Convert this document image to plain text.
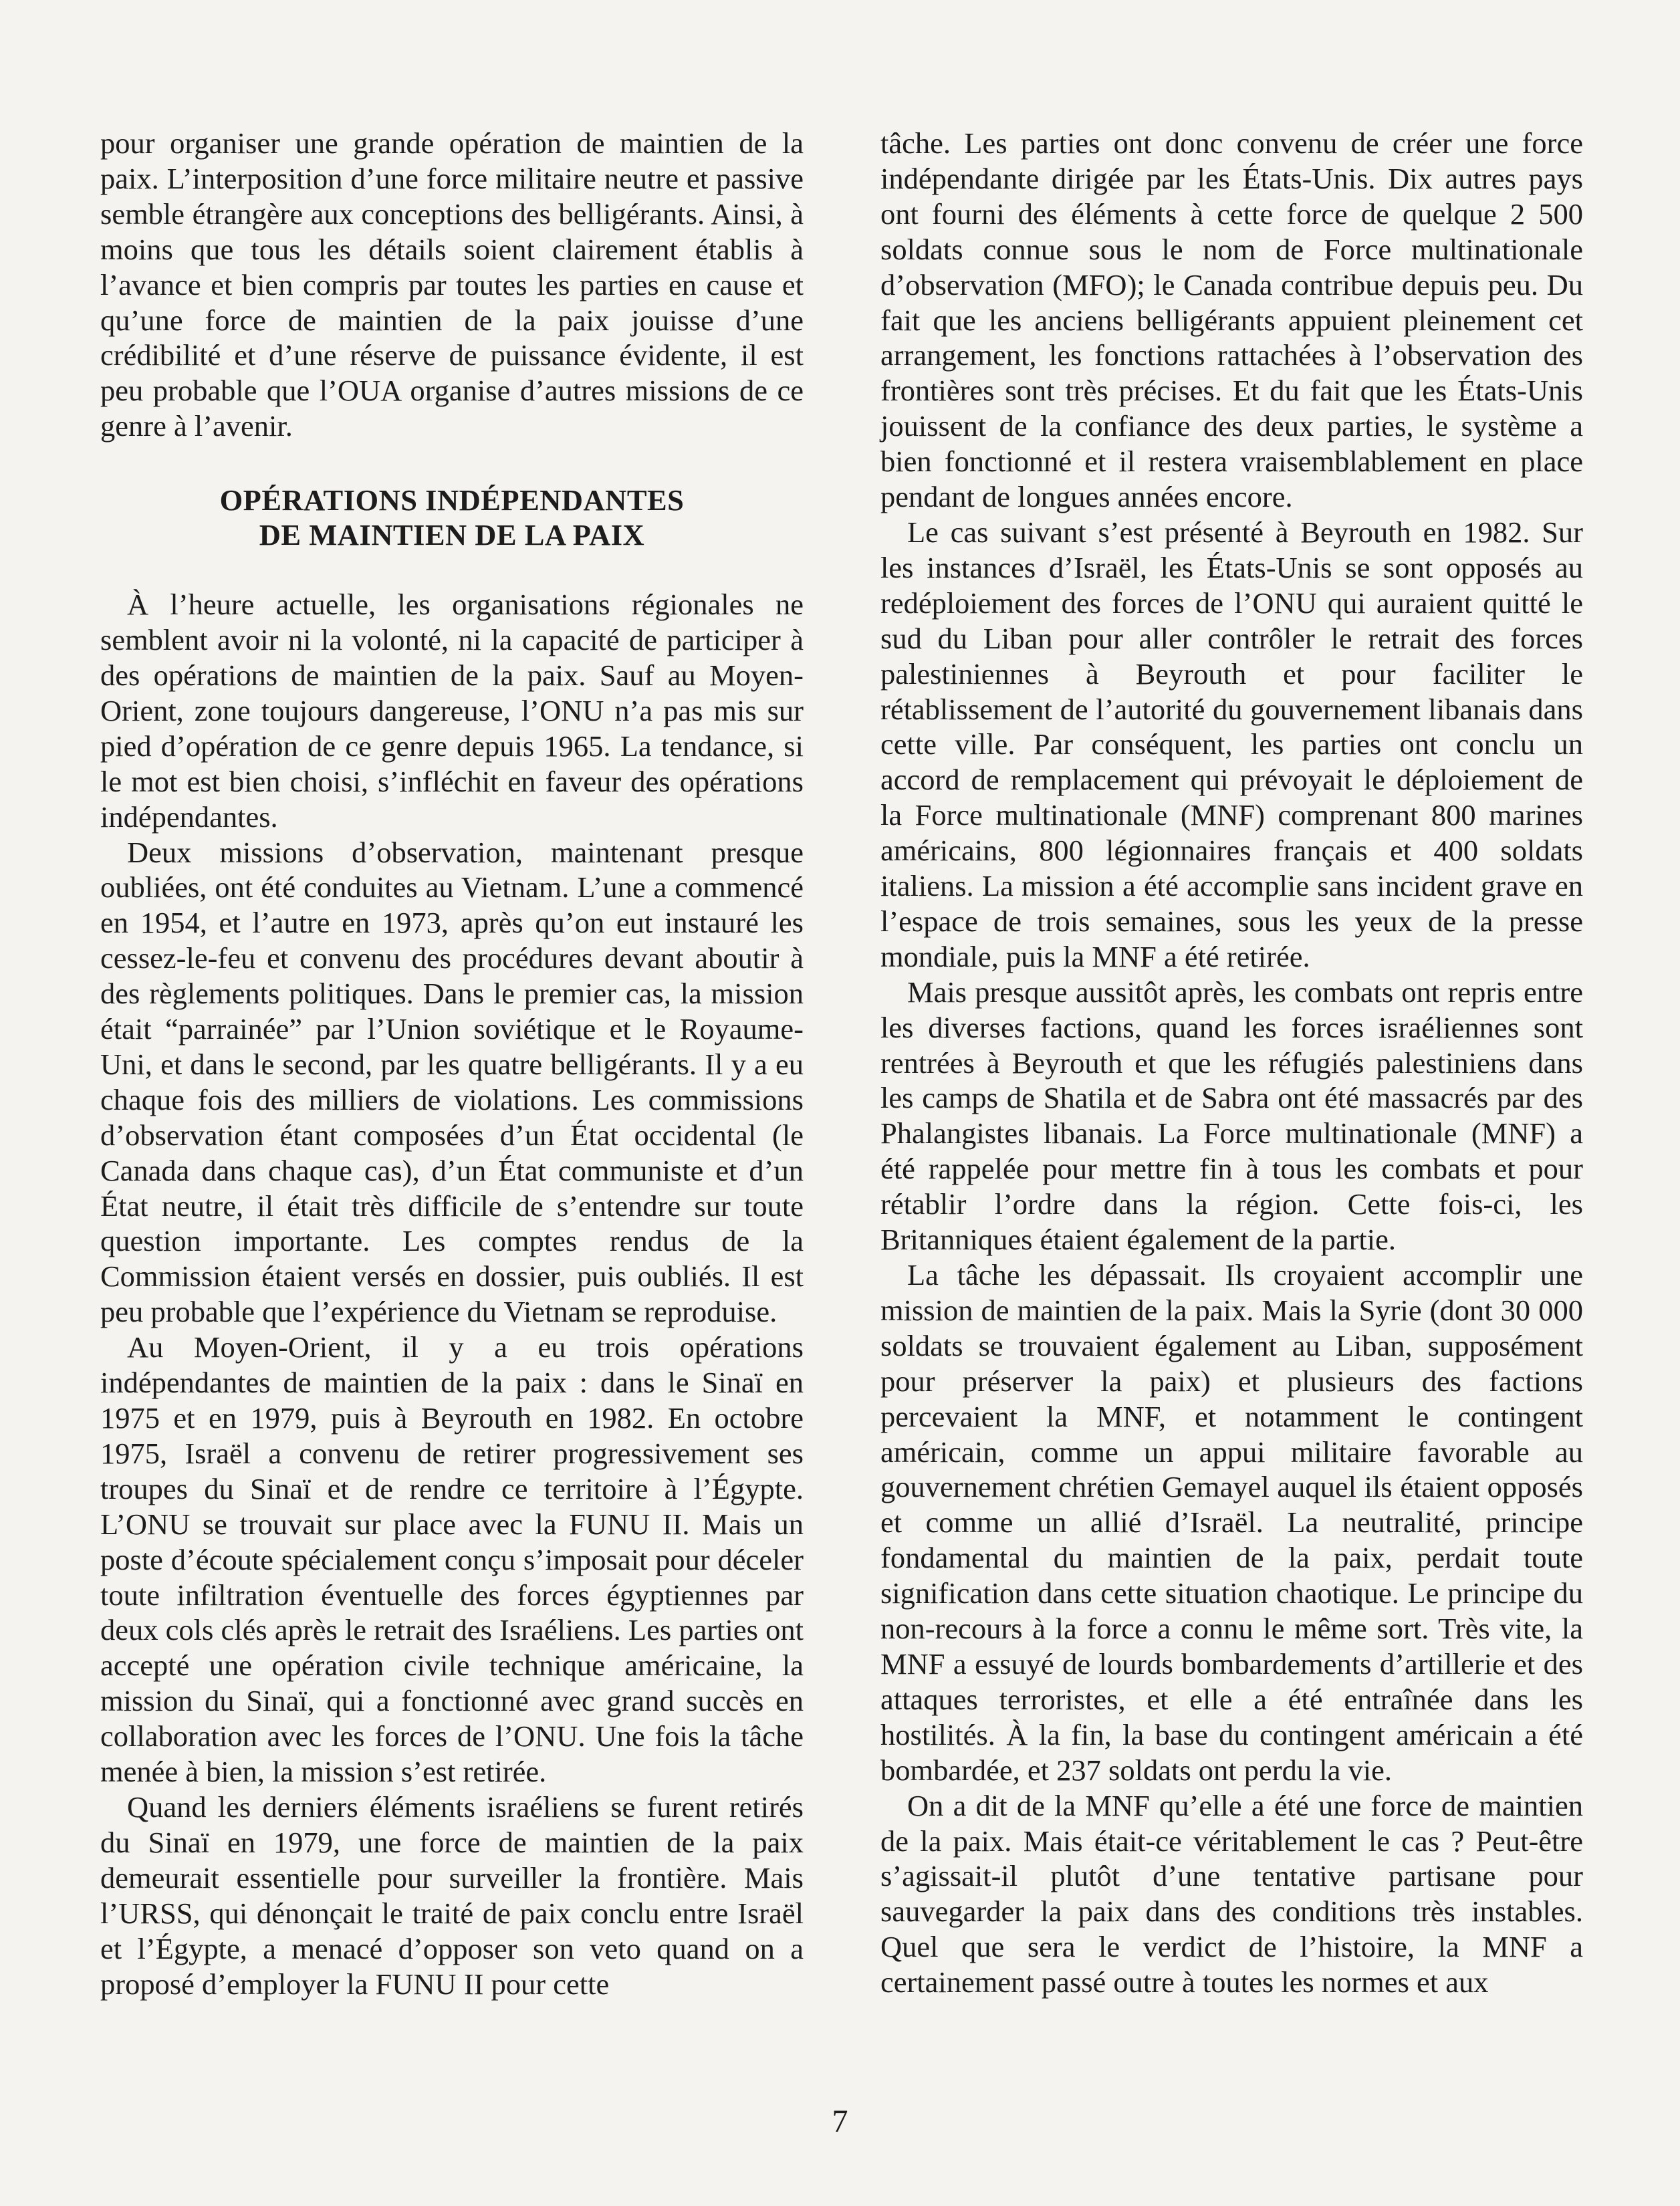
pour organiser une grande opération de maintien de la paix. L’interposition d’une force militaire neutre et passive semble étrangère aux conceptions des belligérants. Ainsi, à moins que tous les détails soient clairement établis à l’avance et bien compris par toutes les parties en cause et qu’une force de maintien de la paix jouisse d’une crédibilité et d’une réserve de puissance évidente, il est peu probable que l’OUA organise d’autres missions de ce genre à l’avenir.

OPÉRATIONS INDÉPENDANTES
DE MAINTIEN DE LA PAIX

À l’heure actuelle, les organisations régionales ne semblent avoir ni la volonté, ni la capacité de participer à des opérations de maintien de la paix. Sauf au Moyen-Orient, zone toujours dangereuse, l’ONU n’a pas mis sur pied d’opération de ce genre depuis 1965. La tendance, si le mot est bien choisi, s’infléchit en faveur des opérations indépendantes.

Deux missions d’observation, maintenant presque oubliées, ont été conduites au Vietnam. L’une a commencé en 1954, et l’autre en 1973, après qu’on eut instauré les cessez-le-feu et convenu des procédures devant aboutir à des règlements politiques. Dans le premier cas, la mission était “parrainée” par l’Union soviétique et le Royaume-Uni, et dans le second, par les quatre belligérants. Il y a eu chaque fois des milliers de violations. Les commissions d’observation étant composées d’un État occidental (le Canada dans chaque cas), d’un État communiste et d’un État neutre, il était très difficile de s’entendre sur toute question importante. Les comptes rendus de la Commission étaient versés en dossier, puis oubliés. Il est peu probable que l’expérience du Vietnam se reproduise.

Au Moyen-Orient, il y a eu trois opérations indépendantes de maintien de la paix : dans le Sinaï en 1975 et en 1979, puis à Beyrouth en 1982. En octobre 1975, Israël a convenu de retirer progressivement ses troupes du Sinaï et de rendre ce territoire à l’Égypte. L’ONU se trouvait sur place avec la FUNU II. Mais un poste d’écoute spécialement conçu s’imposait pour déceler toute infiltration éventuelle des forces égyptiennes par deux cols clés après le retrait des Israéliens. Les parties ont accepté une opération civile technique américaine, la mission du Sinaï, qui a fonctionné avec grand succès en collaboration avec les forces de l’ONU. Une fois la tâche menée à bien, la mission s’est retirée.

Quand les derniers éléments israéliens se furent retirés du Sinaï en 1979, une force de maintien de la paix demeurait essentielle pour surveiller la frontière. Mais l’URSS, qui dénonçait le traité de paix conclu entre Israël et l’Égypte, a menacé d’opposer son veto quand on a proposé d’employer la FUNU II pour cette

tâche. Les parties ont donc convenu de créer une force indépendante dirigée par les États-Unis. Dix autres pays ont fourni des éléments à cette force de quelque 2 500 soldats connue sous le nom de Force multinationale d’observation (MFO); le Canada contribue depuis peu. Du fait que les anciens belligérants appuient pleinement cet arrangement, les fonctions rattachées à l’observation des frontières sont très précises. Et du fait que les États-Unis jouissent de la confiance des deux parties, le système a bien fonctionné et il restera vraisemblablement en place pendant de longues années encore.

Le cas suivant s’est présenté à Beyrouth en 1982. Sur les instances d’Israël, les États-Unis se sont opposés au redéploiement des forces de l’ONU qui auraient quitté le sud du Liban pour aller contrôler le retrait des forces palestiniennes à Beyrouth et pour faciliter le rétablissement de l’autorité du gouvernement libanais dans cette ville. Par conséquent, les parties ont conclu un accord de remplacement qui prévoyait le déploiement de la Force multinationale (MNF) comprenant 800 marines américains, 800 légionnaires français et 400 soldats italiens. La mission a été accomplie sans incident grave en l’espace de trois semaines, sous les yeux de la presse mondiale, puis la MNF a été retirée.

Mais presque aussitôt après, les combats ont repris entre les diverses factions, quand les forces israéliennes sont rentrées à Beyrouth et que les réfugiés palestiniens dans les camps de Shatila et de Sabra ont été massacrés par des Phalangistes libanais. La Force multinationale (MNF) a été rappelée pour mettre fin à tous les combats et pour rétablir l’ordre dans la région. Cette fois-ci, les Britanniques étaient également de la partie.

La tâche les dépassait. Ils croyaient accomplir une mission de maintien de la paix. Mais la Syrie (dont 30 000 soldats se trouvaient également au Liban, supposément pour préserver la paix) et plusieurs des factions percevaient la MNF, et notamment le contingent américain, comme un appui militaire favorable au gouvernement chrétien Gemayel auquel ils étaient opposés et comme un allié d’Israël. La neutralité, principe fondamental du maintien de la paix, perdait toute signification dans cette situation chaotique. Le principe du non-recours à la force a connu le même sort. Très vite, la MNF a essuyé de lourds bombardements d’artillerie et des attaques terroristes, et elle a été entraînée dans les hostilités. À la fin, la base du contingent américain a été bombardée, et 237 soldats ont perdu la vie.

On a dit de la MNF qu’elle a été une force de maintien de la paix. Mais était-ce véritablement le cas ? Peut-être s’agissait-il plutôt d’une tentative partisane pour sauvegarder la paix dans des conditions très instables. Quel que sera le verdict de l’histoire, la MNF a certainement passé outre à toutes les normes et aux

7
